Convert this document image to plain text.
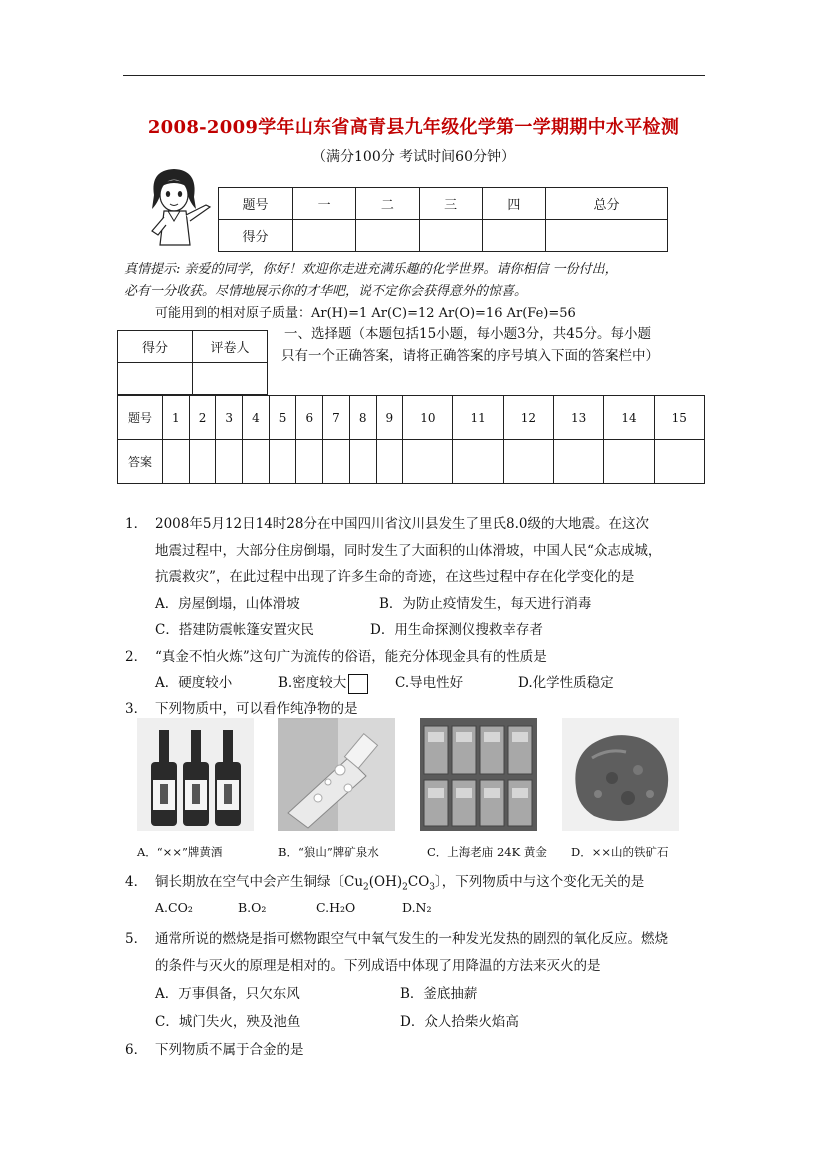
2008-2009学年山东省高青县九年级化学第一学期期中水平检测
（满分100分 考试时间60分钟）
题号	一	二	三	四	总分
得分					
真情提示: 亲爱的同学，你好！欢迎你走进充满乐趣的化学世界。请你相信 一份付出，
必有一分收获。尽情地展示你的才华吧，说不定你会获得意外的惊喜。
可能用到的相对原子质量：Ar(H)=1 Ar(C)=12 Ar(O)=16 Ar(Fe)=56
得分	评卷人

一、选择题（本题包括15小题，每小题3分，共45分。每小题
只有一个正确答案，请将正确答案的序号填入下面的答案栏中）
题号	1	2	3	4	5	6	7	8	9	10	11	12	13	14	15
答案															
1． 2008年5月12日14时28分在中国四川省汶川县发生了里氏8.0级的大地震。在这次
地震过程中，大部分住房倒塌，同时发生了大面积的山体滑坡，中国人民“众志成城，
抗震救灾”，在此过程中出现了许多生命的奇迹，在这些过程中存在化学变化的是
A．房屋倒塌，山体滑坡	B．为防止疫情发生，每天进行消毒
C．搭建防震帐篷安置灾民	D．用生命探测仪搜救幸存者
2． “真金不怕火炼”这句广为流传的俗语，能充分体现金具有的性质是
A．硬度较小	B.密度较大	C.导电性好	D.化学性质稳定
3． 下列物质中，可以看作纯净物的是
A．“××”牌黄酒	B．“狼山”牌矿泉水	C．上海老庙 24K 黄金 D．××山的铁矿石
4． 铜长期放在空气中会产生铜绿〔$Cu_2(OH)_2CO_3$〕，下列物质中与这个变化无关的是
A.CO₂	B.O₂	C.H₂O	D.N₂
5． 通常所说的燃烧是指可燃物跟空气中氧气发生的一种发光发热的剧烈的氧化反应。燃烧
的条件与灭火的原理是相对的。下列成语中体现了用降温的方法来灭火的是
A．万事俱备，只欠东风	B．釜底抽薪
C．城门失火，殃及池鱼	D．众人拾柴火焰高
6． 下列物质不属于合金的是
